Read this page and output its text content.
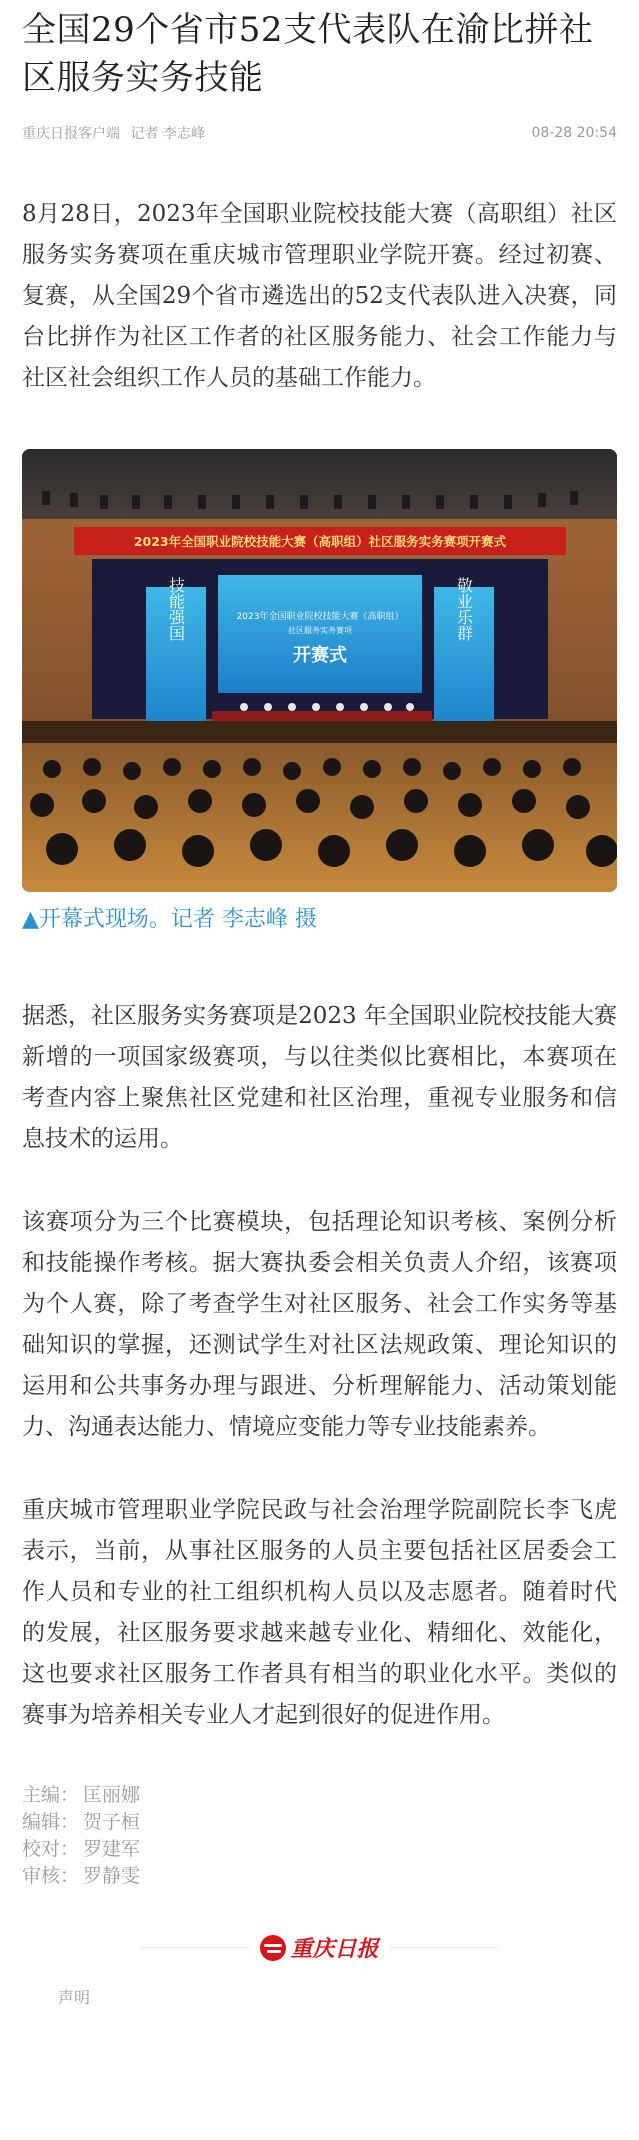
全国29个省市52支代表队在渝比拼社区服务实务技能
重庆日报客户端 记者 李志峰	08-28 20:54

8月28日，2023年全国职业院校技能大赛（高职组）社区服务实务赛项在重庆城市管理职业学院开赛。经过初赛、复赛，从全国29个省市遴选出的52支代表队进入决赛，同台比拼作为社区工作者的社区服务能力、社会工作能力与社区社会组织工作人员的基础工作能力。

2023年全国职业院校技能大赛（高职组）社区服务实务赛项开赛式
技能强国	敬业乐群
2023年全国职业院校技能大赛（高职组）
社区服务实务赛项
开赛式
▲开幕式现场。记者 李志峰 摄

据悉，社区服务实务赛项是2023 年全国职业院校技能大赛新增的一项国家级赛项，与以往类似比赛相比，本赛项在考查内容上聚焦社区党建和社区治理，重视专业服务和信息技术的运用。

该赛项分为三个比赛模块，包括理论知识考核、案例分析和技能操作考核。据大赛执委会相关负责人介绍，该赛项为个人赛，除了考查学生对社区服务、社会工作实务等基础知识的掌握，还测试学生对社区法规政策、理论知识的运用和公共事务办理与跟进、分析理解能力、活动策划能力、沟通表达能力、情境应变能力等专业技能素养。

重庆城市管理职业学院民政与社会治理学院副院长李飞虎表示，当前，从事社区服务的人员主要包括社区居委会工作人员和专业的社工组织机构人员以及志愿者。随着时代的发展，社区服务要求越来越专业化、精细化、效能化，这也要求社区服务工作者具有相当的职业化水平。类似的赛事为培养相关专业人才起到很好的促进作用。

主编： 匡丽娜
编辑： 贺子桓
校对： 罗建军
审核： 罗静雯
重庆日报
声明
